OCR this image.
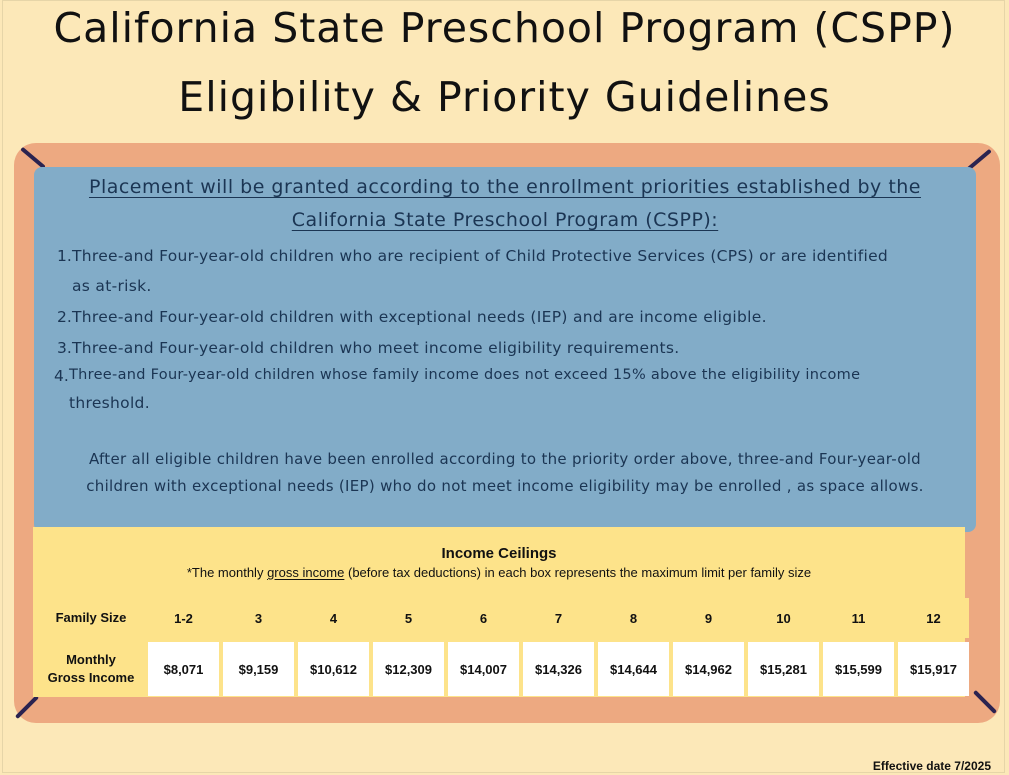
California State Preschool Program (CSPP)
Eligibility & Priority Guidelines

Placement will be granted according to the enrollment priorities established by the

California State Preschool Program (CSPP):

1. Three-and Four-year-old children who are recipient of Child Protective Services (CPS) or are identified
as at-risk.
2. Three-and Four-year-old children with exceptional needs (IEP) and are income eligible.
3. Three-and Four-year-old children who meet income eligibility requirements.
4. Three-and Four-year-old children whose family income does not exceed 15% above the eligibility income
threshold.
After all eligible children have been enrolled according to the priority order above, three-and Four-year-old
children with exceptional needs (IEP) who do not meet income eligibility may be enrolled , as space allows.
Income Ceilings
*The monthly gross income (before tax deductions) in each box represents the maximum limit per family size
Family Size	1-2	3	4	5	6	7	8	9	10	11	12
Monthly
Gross Income	$8,071	$9,159	$10,612	$12,309	$14,007	$14,326	$14,644	$14,962	$15,281	$15,599	$15,917
Effective date 7/2025
